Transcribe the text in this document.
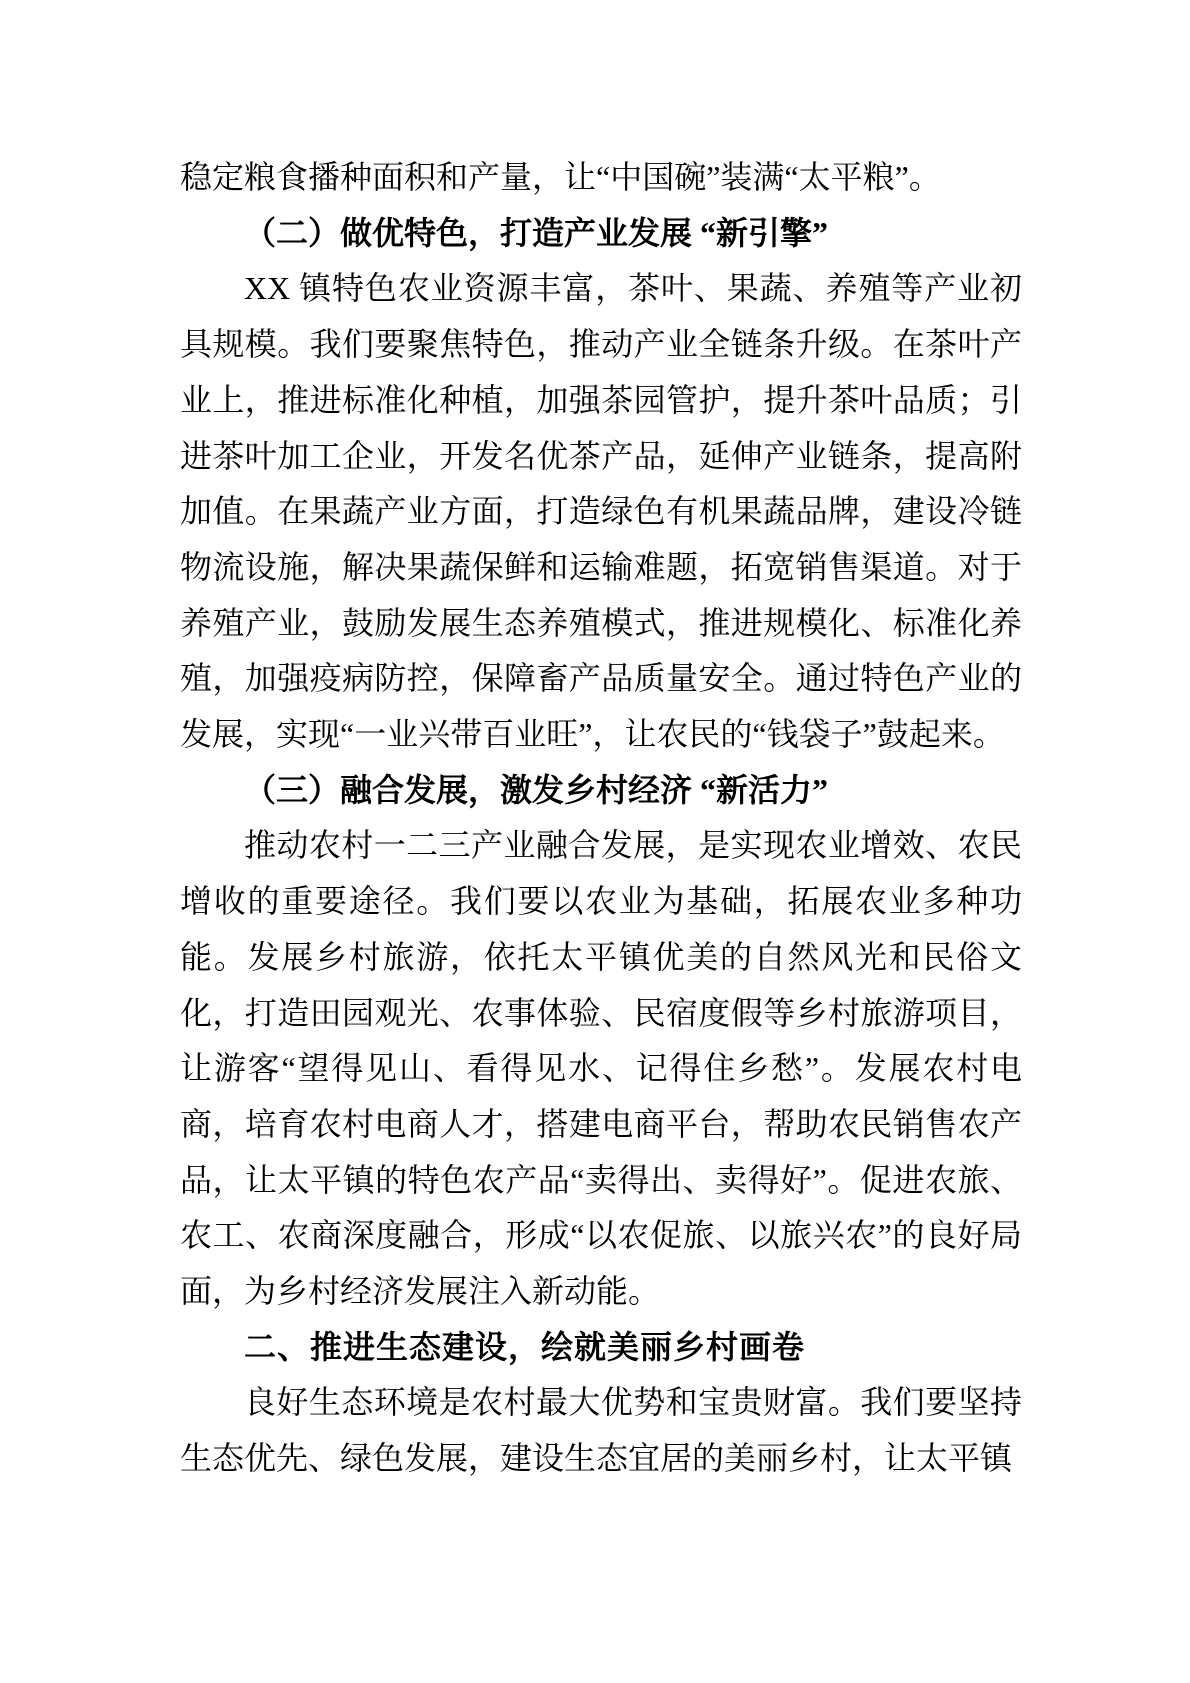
稳定粮食播种面积和产量，让“中国碗”装满“太平粮”。

（二）做优特色，打造产业发展 “新引擎”

XX 镇特色农业资源丰富，茶叶、果蔬、养殖等产业初具规模。我们要聚焦特色，推动产业全链条升级。在茶叶产业上，推进标准化种植，加强茶园管护，提升茶叶品质；引进茶叶加工企业，开发名优茶产品，延伸产业链条，提高附加值。在果蔬产业方面，打造绿色有机果蔬品牌，建设冷链物流设施，解决果蔬保鲜和运输难题，拓宽销售渠道。对于养殖产业，鼓励发展生态养殖模式，推进规模化、标准化养殖，加强疫病防控，保障畜产品质量安全。通过特色产业的发展，实现“一业兴带百业旺”，让农民的“钱袋子”鼓起来。

（三）融合发展，激发乡村经济 “新活力”

推动农村一二三产业融合发展，是实现农业增效、农民增收的重要途径。我们要以农业为基础，拓展农业多种功能。发展乡村旅游，依托太平镇优美的自然风光和民俗文化，打造田园观光、农事体验、民宿度假等乡村旅游项目，让游客“望得见山、看得见水、记得住乡愁”。发展农村电商，培育农村电商人才，搭建电商平台，帮助农民销售农产品，让太平镇的特色农产品“卖得出、卖得好”。促进农旅、农工、农商深度融合，形成“以农促旅、以旅兴农”的良好局面，为乡村经济发展注入新动能。

二、推进生态建设，绘就美丽乡村画卷

良好生态环境是农村最大优势和宝贵财富。我们要坚持生态优先、绿色发展，建设生态宜居的美丽乡村，让太平镇
